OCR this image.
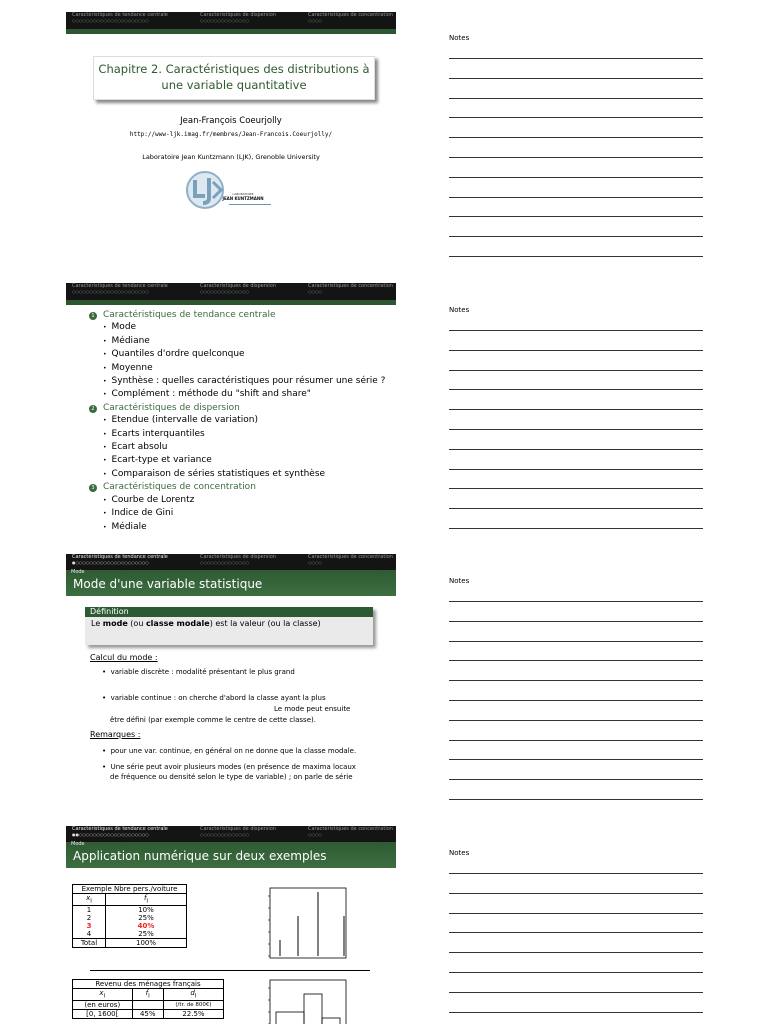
Caractéristiques de tendance centrale	Caractéristiques de dispersion	Caractéristiques de concentration
○○○○○○○○○○○○○○○○○○○○○○	○○○○○○○○○○○○○○	○○○○
Chapitre 2. Caractéristiques des distributions à une variable quantitative
Jean-François Coeurjolly
http://www-ljk.imag.fr/membres/Jean-Francois.Coeurjolly/
Laboratoire Jean Kuntzmann (LJK), Grenoble University
LABORATOIRE
JEAN KUNTZMANN
Caractéristiques de tendance centrale	Caractéristiques de dispersion	Caractéristiques de concentration
○○○○○○○○○○○○○○○○○○○○○○	○○○○○○○○○○○○○○	○○○○
1 Caractéristiques de tendance centrale
• Mode
• Médiane
• Quantiles d'ordre quelconque
• Moyenne
• Synthèse : quelles caractéristiques pour résumer une série ?
• Complément : méthode du "shift and share"
2 Caractéristiques de dispersion
• Etendue (intervalle de variation)
• Ecarts interquantiles
• Ecart absolu
• Ecart-type et variance
• Comparaison de séries statistiques et synthèse
3 Caractéristiques de concentration
• Courbe de Lorentz
• Indice de Gini
• Médiale
Caractéristiques de tendance centrale	Caractéristiques de dispersion	Caractéristiques de concentration
●○○○○○○○○○○○○○○○○○○○○○	○○○○○○○○○○○○○○	○○○○
Mode
Mode d'une variable statistique
Définition
Le mode (ou classe modale) est la valeur (ou la classe)
Calcul du mode :
•  variable discrète : modalité présentant le plus grand
•  variable continue : on cherche d'abord la classe ayant la plus
Le mode peut ensuite
être défini (par exemple comme le centre de cette classe).
Remarques :
•  pour une var. continue, en général on ne donne que la classe modale.
•  Une série peut avoir plusieurs modes (en présence de maxima locaux
de fréquence ou densité selon le type de variable) ; on parle de série
Caractéristiques de tendance centrale	Caractéristiques de dispersion	Caractéristiques de concentration
●●○○○○○○○○○○○○○○○○○○○○	○○○○○○○○○○○○○○	○○○○
Mode
Application numérique sur deux exemples
Exemple Nbre pers./voiture	
$x_i$	$f_i$
1	10%
2	25%
3	40%
4	25%
Total	100%
Revenu des ménages français		
$x_i$	$f_i$	$d_i$
(en euros)		(/tr. de 800€)
[0, 1600[	45%	22.5%
Notes
Notes
Notes
Notes
